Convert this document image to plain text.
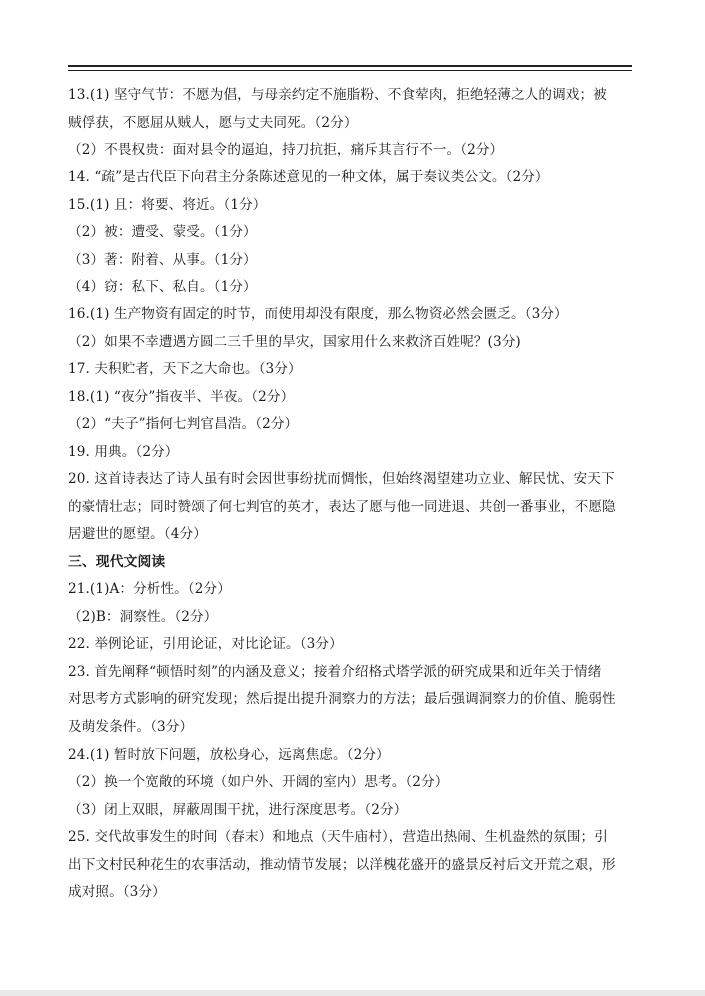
13.(1) 坚守气节：不愿为倡，与母亲约定不施脂粉、不食荤肉，拒绝轻薄之人的调戏；被
贼俘获，不愿屈从贼人，愿与丈夫同死。（2分）
（2）不畏权贵：面对县令的逼迫，持刀抗拒，痛斥其言行不一。（2分）
14. “疏”是古代臣下向君主分条陈述意见的一种文体，属于奏议类公文。（2分）
15.(1) 且：将要、将近。（1分）
（2）被：遭受、蒙受。（1分）
（3）著：附着、从事。（1分）
（4）窃：私下、私自。（1分）
16.(1) 生产物资有固定的时节，而使用却没有限度，那么物资必然会匮乏。（3分）
（2）如果不幸遭遇方圆二三千里的旱灾，国家用什么来救济百姓呢？(3分)
17. 夫积贮者，天下之大命也。（3分）
18.(1) “夜分”指夜半、半夜。（2分）
（2）“夫子”指何七判官昌浩。（2分）
19. 用典。（2分）
20. 这首诗表达了诗人虽有时会因世事纷扰而惆怅，但始终渴望建功立业、解民忧、安天下
的豪情壮志；同时赞颂了何七判官的英才，表达了愿与他一同进退、共创一番事业，不愿隐
居避世的愿望。（4分）
三、现代文阅读
21.(1)A：分析性。（2分）
（2)B：洞察性。（2分）
22. 举例论证，引用论证，对比论证。（3分）
23. 首先阐释“顿悟时刻”的内涵及意义；接着介绍格式塔学派的研究成果和近年关于情绪
对思考方式影响的研究发现；然后提出提升洞察力的方法；最后强调洞察力的价值、脆弱性
及萌发条件。（3分）
24.(1) 暂时放下问题，放松身心，远离焦虑。（2分）
（2）换一个宽敞的环境（如户外、开阔的室内）思考。（2分）
（3）闭上双眼，屏蔽周围干扰，进行深度思考。（2分）
25. 交代故事发生的时间（春末）和地点（天牛庙村），营造出热闹、生机盎然的氛围；引
出下文村民种花生的农事活动，推动情节发展；以洋槐花盛开的盛景反衬后文开荒之艰，形
成对照。（3分）
